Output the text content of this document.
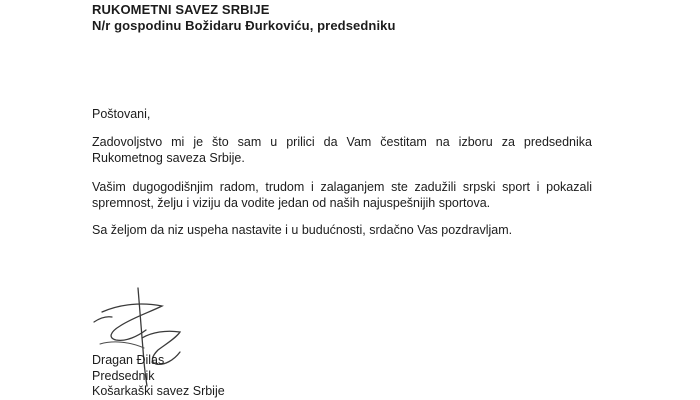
RUKOMETNI SAVEZ SRBIJE
N/r gospodinu Božidaru Đurkoviću, predsedniku
Poštovani,
Zadovoljstvo mi je što sam u prilici da Vam čestitam na izboru za predsednika Rukometnog saveza Srbije.
Vašim dugogodišnjim radom, trudom i zalaganjem ste zadužili srpski sport i pokazali spremnost, želju i viziju da vodite jedan od naših najuspešnijih sportova.
Sa željom da niz uspeha nastavite i u budućnosti, srdačno Vas pozdravljam.
Dragan Đilas
Predsednik
Košarkaški savez Srbije
